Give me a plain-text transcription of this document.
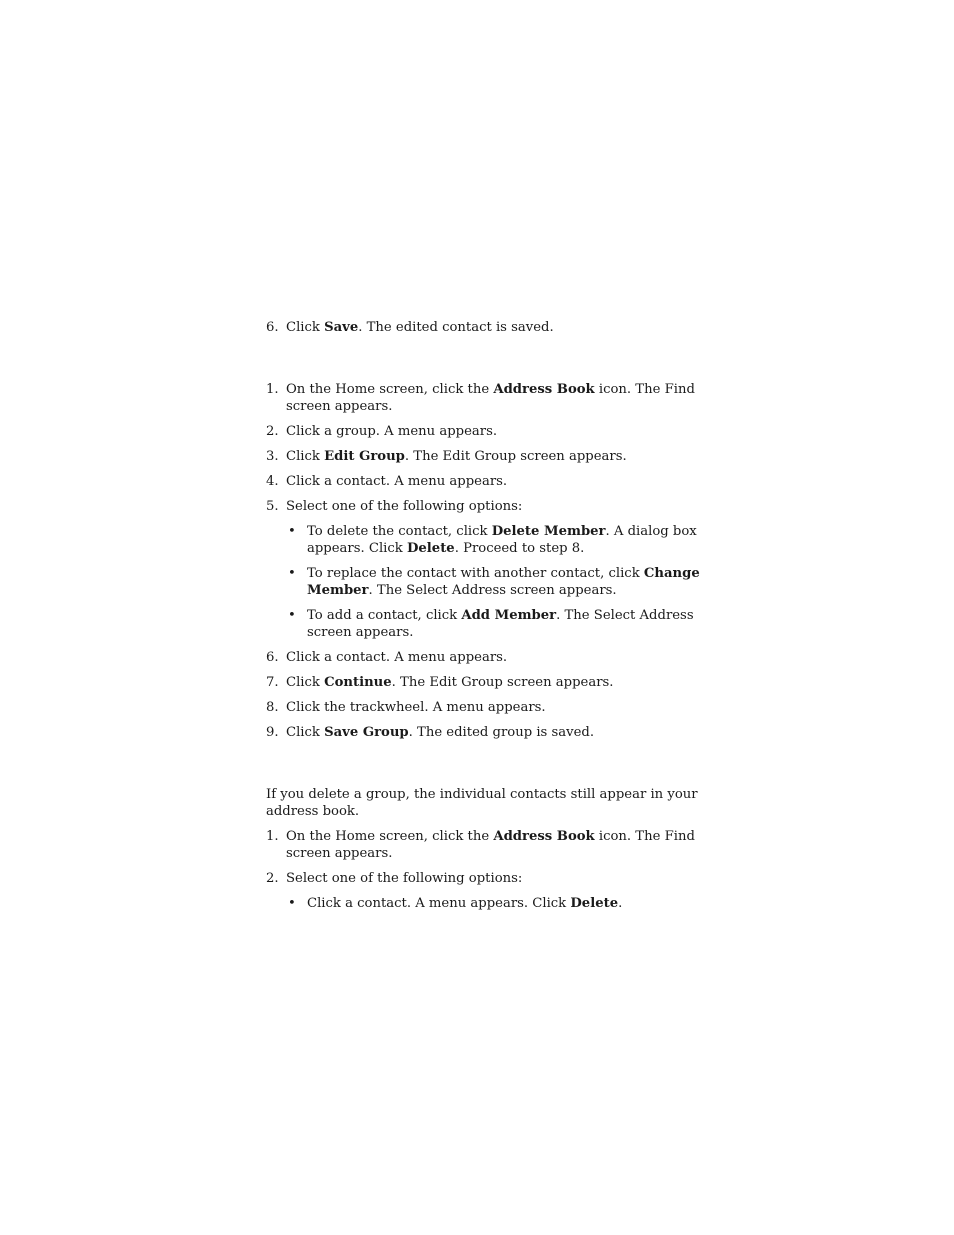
6. Click Save. The edited contact is saved.
1. On the Home screen, click the Address Book icon. The Find
screen appears.
2. Click a group. A menu appears.
3. Click Edit Group. The Edit Group screen appears.
4. Click a contact. A menu appears.
5. Select one of the following options:
• To delete the contact, click Delete Member. A dialog box
appears. Click Delete. Proceed to step 8.
• To replace the contact with another contact, click Change
Member. The Select Address screen appears.
• To add a contact, click Add Member. The Select Address
screen appears.
6. Click a contact. A menu appears.
7. Click Continue. The Edit Group screen appears.
8. Click the trackwheel. A menu appears.
9. Click Save Group. The edited group is saved.
If you delete a group, the individual contacts still appear in your
address book.
1. On the Home screen, click the Address Book icon. The Find
screen appears.
2. Select one of the following options:
• Click a contact. A menu appears. Click Delete.
